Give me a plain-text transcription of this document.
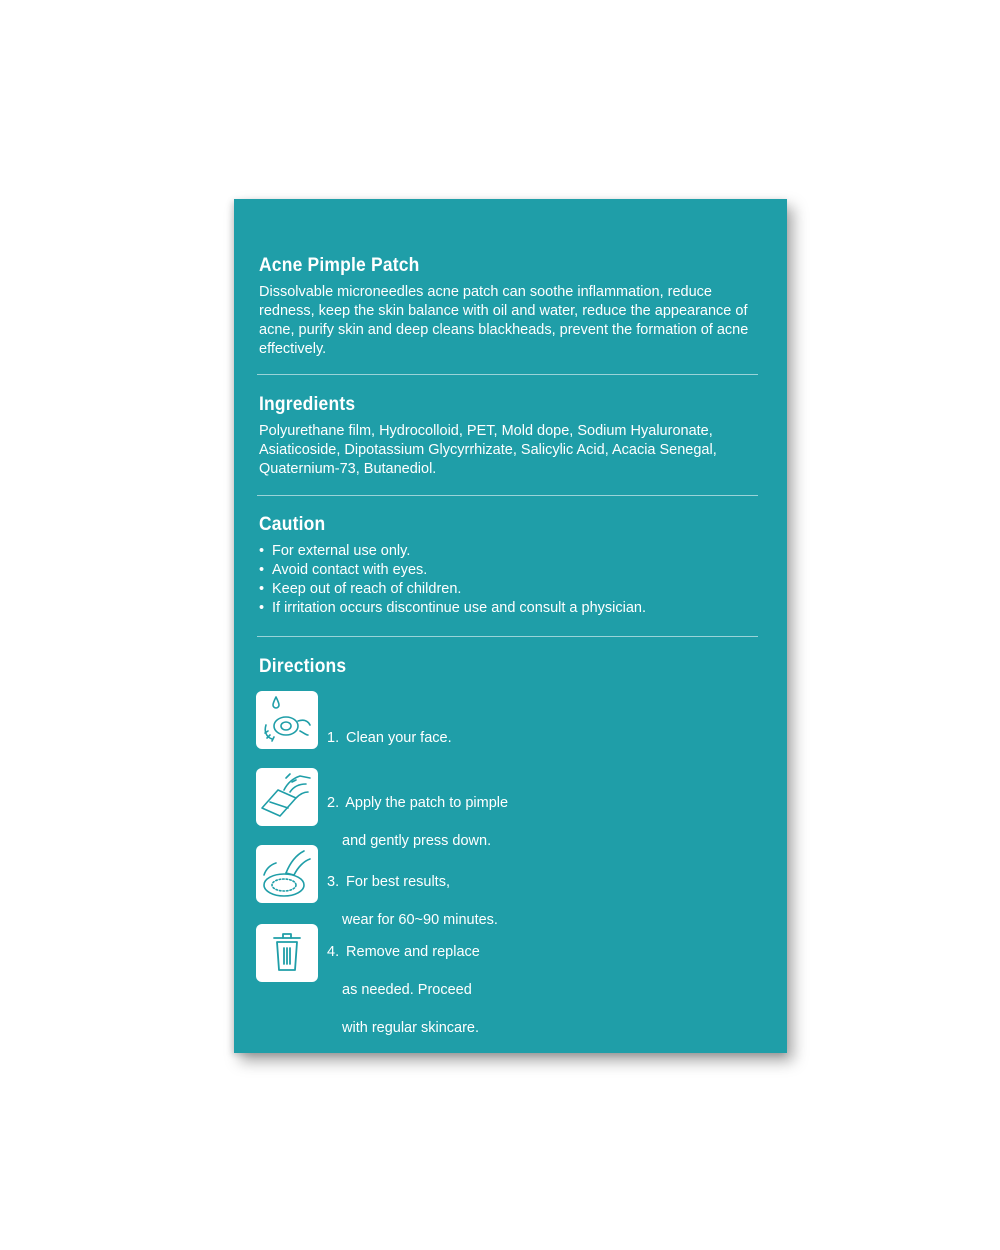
Acne Pimple Patch

Dissolvable microneedles acne patch can soothe inflammation, reduce redness, keep the skin balance with oil and water, reduce the appearance of acne, purify skin and deep cleans blackheads, prevent the formation of acne effectively.

Ingredients

Polyurethane film, Hydrocolloid, PET, Mold dope, Sodium Hyaluronate, Asiaticoside, Dipotassium Glycyrrhizate, Salicylic Acid, Acacia Senegal, Quaternium-73, Butanediol.

Caution
• For external use only.
• Avoid contact with eyes.
• Keep out of reach of children.
• If irritation occurs discontinue use and consult a physician.
Directions

1. Clean your face.

2. Apply the patch to pimple

and gently press down.

3. For best results,

wear for 60~90 minutes.

4. Remove and replace

as needed. Proceed

with regular skincare.
